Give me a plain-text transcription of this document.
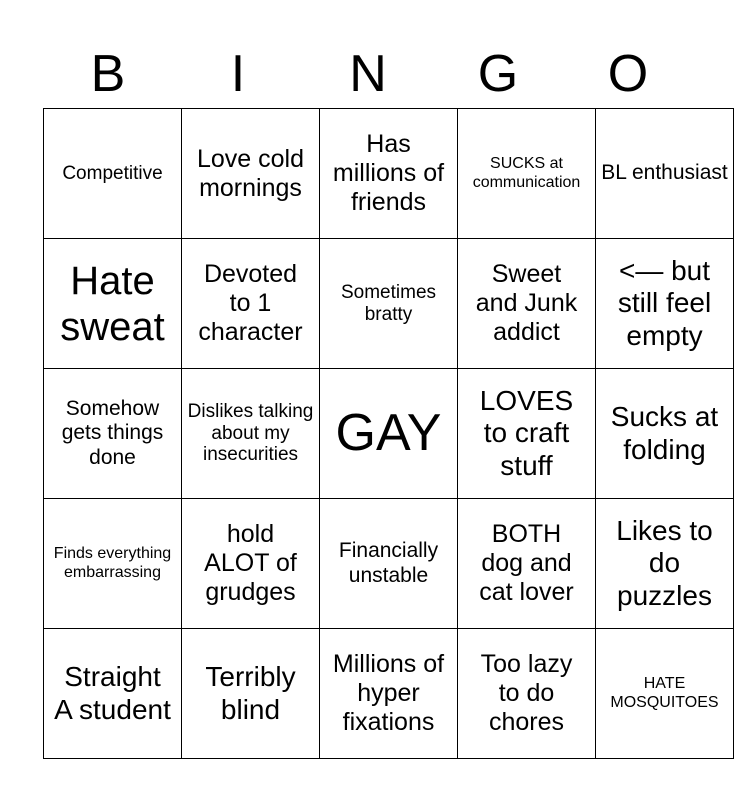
B	I	N	G	O
Competitive	Love cold mornings	Has millions of friends	SUCKS at communication	BL enthusiast
Hate sweat	Devoted to 1 character	Sometimes bratty	Sweet and Junk addict	<— but still feel empty
Somehow gets things done	Dislikes talking about my insecurities	GAY	LOVES to craft stuff	Sucks at folding
Finds everything embarrassing	hold ALOT of grudges	Financially unstable	BOTH dog and cat lover	Likes to do puzzles
Straight A student	Terribly blind	Millions of hyper fixations	Too lazy to do chores	HATE MOSQUITOES
